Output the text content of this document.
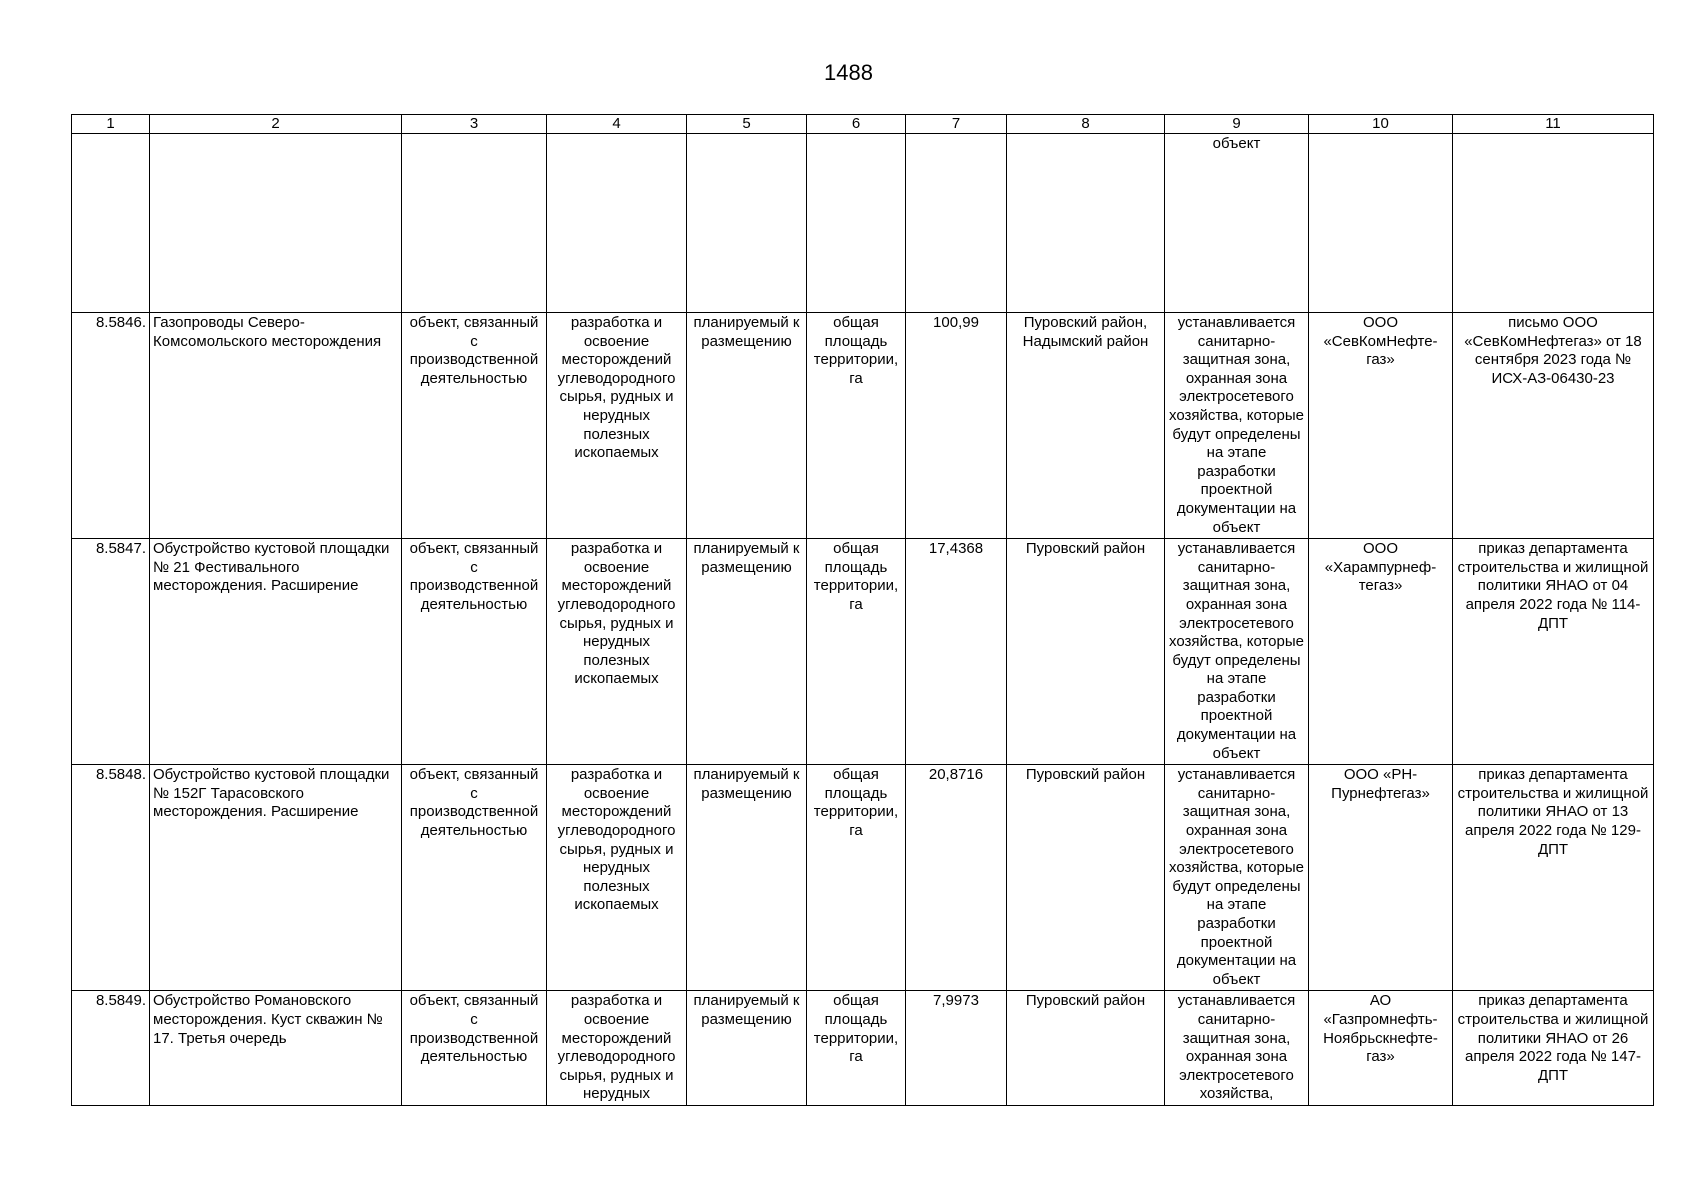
1488
1	2	3	4	5	6	7	8	9	10	11
								объект		
8.5846.	Газопроводы Северо-Комсомольского месторождения	объект, связанный с производственной деятельностью	разработка и освоение месторождений углеводородного сырья, рудных и нерудных полезных ископаемых	планируемый к размещению	общая площадь территории, га	100,99	Пуровский район, Надымский район	устанавливается санитарно-защитная зона, охранная зона электросетевого хозяйства, которые будут определены на этапе разработки проектной документации на объект	ООО «СевКомНефте-газ»	письмо ООО «СевКомНефтегаз» от 18 сентября 2023 года № ИСХ-АЗ-06430-23
8.5847.	Обустройство кустовой площадки № 21 Фестивального месторождения. Расширение	объект, связанный с производственной деятельностью	разработка и освоение месторождений углеводородного сырья, рудных и нерудных полезных ископаемых	планируемый к размещению	общая площадь территории, га	17,4368	Пуровский район	устанавливается санитарно-защитная зона, охранная зона электросетевого хозяйства, которые будут определены на этапе разработки проектной документации на объект	ООО «Харампурнеф-тегаз»	приказ департамента строительства и жилищной политики ЯНАО от 04 апреля 2022 года № 114-ДПТ
8.5848.	Обустройство кустовой площадки № 152Г Тарасовского месторождения. Расширение	объект, связанный с производственной деятельностью	разработка и освоение месторождений углеводородного сырья, рудных и нерудных полезных ископаемых	планируемый к размещению	общая площадь территории, га	20,8716	Пуровский район	устанавливается санитарно-защитная зона, охранная зона электросетевого хозяйства, которые будут определены на этапе разработки проектной документации на объект	ООО «РН-Пурнефтегаз»	приказ департамента строительства и жилищной политики ЯНАО от 13 апреля 2022 года № 129-ДПТ
8.5849.	Обустройство Романовского месторождения. Куст скважин № 17. Третья очередь	объект, связанный с производственной деятельностью	разработка и освоение месторождений углеводородного сырья, рудных и нерудных	планируемый к размещению	общая площадь территории, га	7,9973	Пуровский район	устанавливается санитарно-защитная зона, охранная зона электросетевого хозяйства,	АО «Газпромнефть-Ноябрьскнефте-газ»	приказ департамента строительства и жилищной политики ЯНАО от 26 апреля 2022 года № 147-ДПТ
